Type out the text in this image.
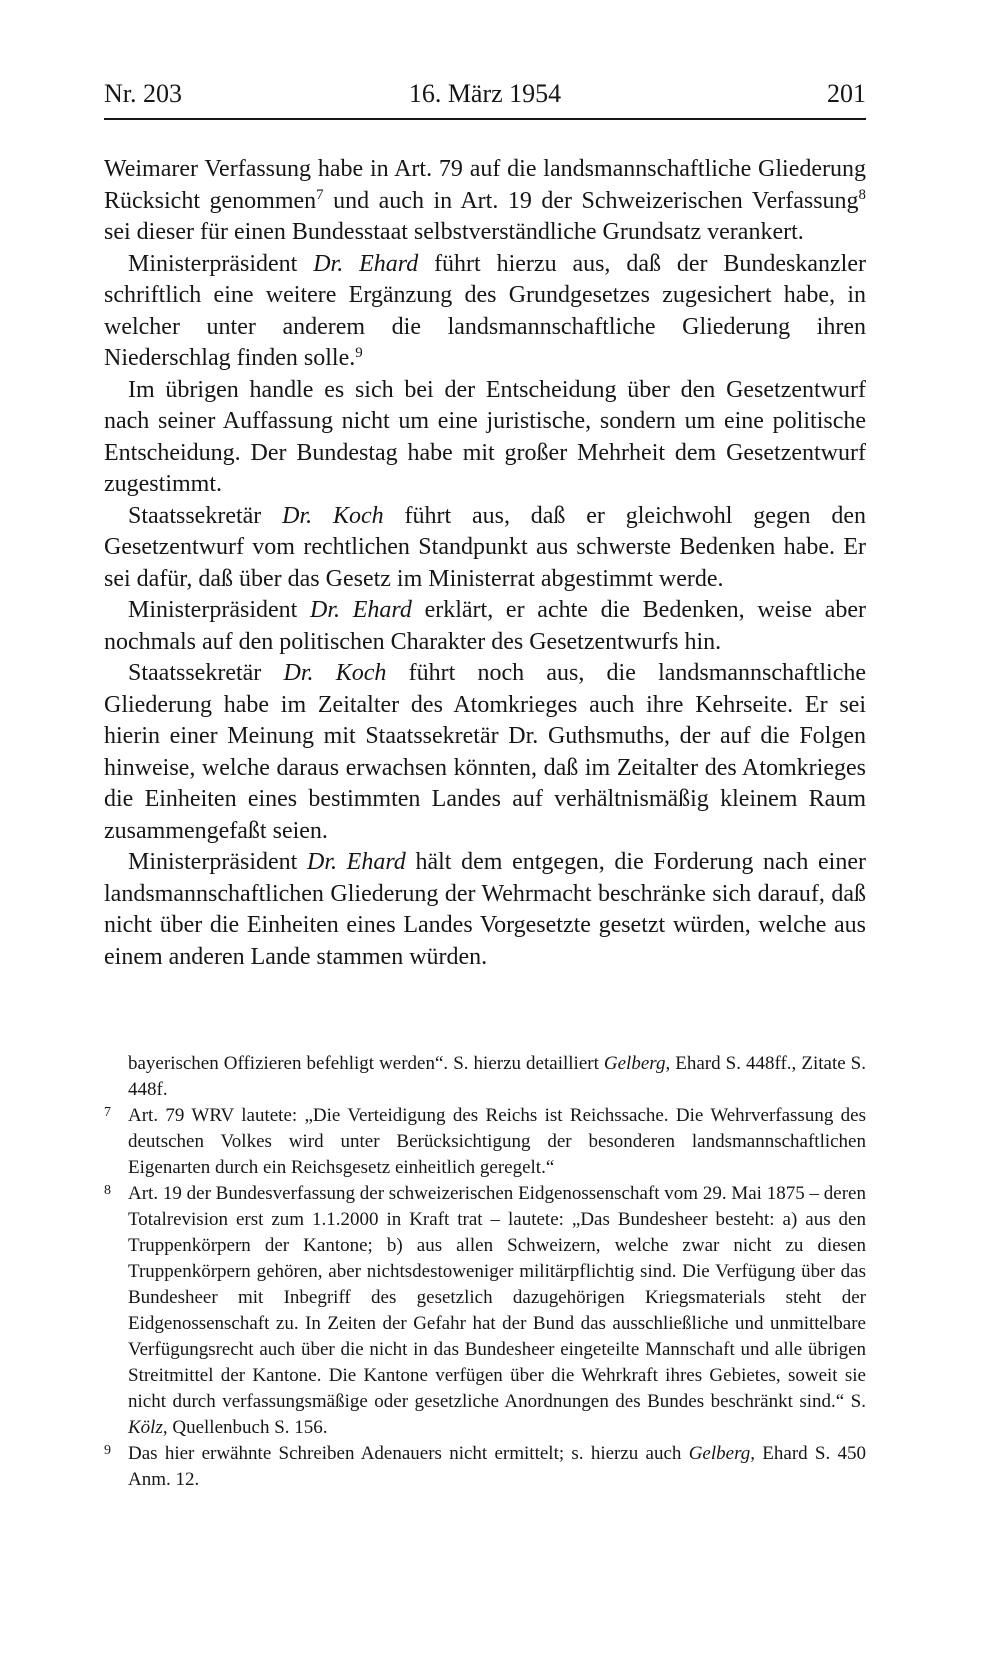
Nr. 203	16. März 1954	201

Weimarer Verfassung habe in Art. 79 auf die landsmannschaftliche Gliederung Rücksicht genommen$^7$ und auch in Art. 19 der Schweizerischen Verfassung$^8$ sei dieser für einen Bundesstaat selbstverständliche Grundsatz verankert.

Ministerpräsident Dr. Ehard führt hierzu aus, daß der Bundeskanzler schriftlich eine weitere Ergänzung des Grundgesetzes zugesichert habe, in welcher unter anderem die landsmannschaftliche Gliederung ihren Niederschlag finden solle.$^9$

Im übrigen handle es sich bei der Entscheidung über den Gesetzentwurf nach seiner Auffassung nicht um eine juristische, sondern um eine politische Entscheidung. Der Bundestag habe mit großer Mehrheit dem Gesetzentwurf zugestimmt.

Staatssekretär Dr. Koch führt aus, daß er gleichwohl gegen den Gesetzentwurf vom rechtlichen Standpunkt aus schwerste Bedenken habe. Er sei dafür, daß über das Gesetz im Ministerrat abgestimmt werde.

Ministerpräsident Dr. Ehard erklärt, er achte die Bedenken, weise aber nochmals auf den politischen Charakter des Gesetzentwurfs hin.

Staatssekretär Dr. Koch führt noch aus, die landsmannschaftliche Gliederung habe im Zeitalter des Atomkrieges auch ihre Kehrseite. Er sei hierin einer Meinung mit Staatssekretär Dr. Guthsmuths, der auf die Folgen hinweise, welche daraus erwachsen könnten, daß im Zeitalter des Atomkrieges die Einheiten eines bestimmten Landes auf verhältnismäßig kleinem Raum zusammengefaßt seien.

Ministerpräsident Dr. Ehard hält dem entgegen, die Forderung nach einer landsmannschaftlichen Gliederung der Wehrmacht beschränke sich darauf, daß nicht über die Einheiten eines Landes Vorgesetzte gesetzt würden, welche aus einem anderen Lande stammen würden.

bayerischen Offizieren befehligt werden“. S. hierzu detailliert Gelberg, Ehard S. 448ff., Zitate S. 448f.
7 Art. 79 WRV lautete: „Die Verteidigung des Reichs ist Reichssache. Die Wehrverfassung des deutschen Volkes wird unter Berücksichtigung der besonderen landsmannschaftlichen Eigenarten durch ein Reichsgesetz einheitlich geregelt.“
8 Art. 19 der Bundesverfassung der schweizerischen Eidgenossenschaft vom 29. Mai 1875 – deren Totalrevision erst zum 1.1.2000 in Kraft trat – lautete: „Das Bundesheer besteht: a) aus den Truppenkörpern der Kantone; b) aus allen Schweizern, welche zwar nicht zu diesen Truppenkörpern gehören, aber nichtsdestoweniger militärpflichtig sind. Die Verfügung über das Bundesheer mit Inbegriff des gesetzlich dazugehörigen Kriegsmaterials steht der Eidgenossenschaft zu. In Zeiten der Gefahr hat der Bund das ausschließliche und unmittelbare Verfügungsrecht auch über die nicht in das Bundesheer eingeteilte Mannschaft und alle übrigen Streitmittel der Kantone. Die Kantone verfügen über die Wehrkraft ihres Gebietes, soweit sie nicht durch verfassungsmäßige oder gesetzliche Anordnungen des Bundes beschränkt sind.“ S. Kölz, Quellenbuch S. 156.
9 Das hier erwähnte Schreiben Adenauers nicht ermittelt; s. hierzu auch Gelberg, Ehard S. 450 Anm. 12.
